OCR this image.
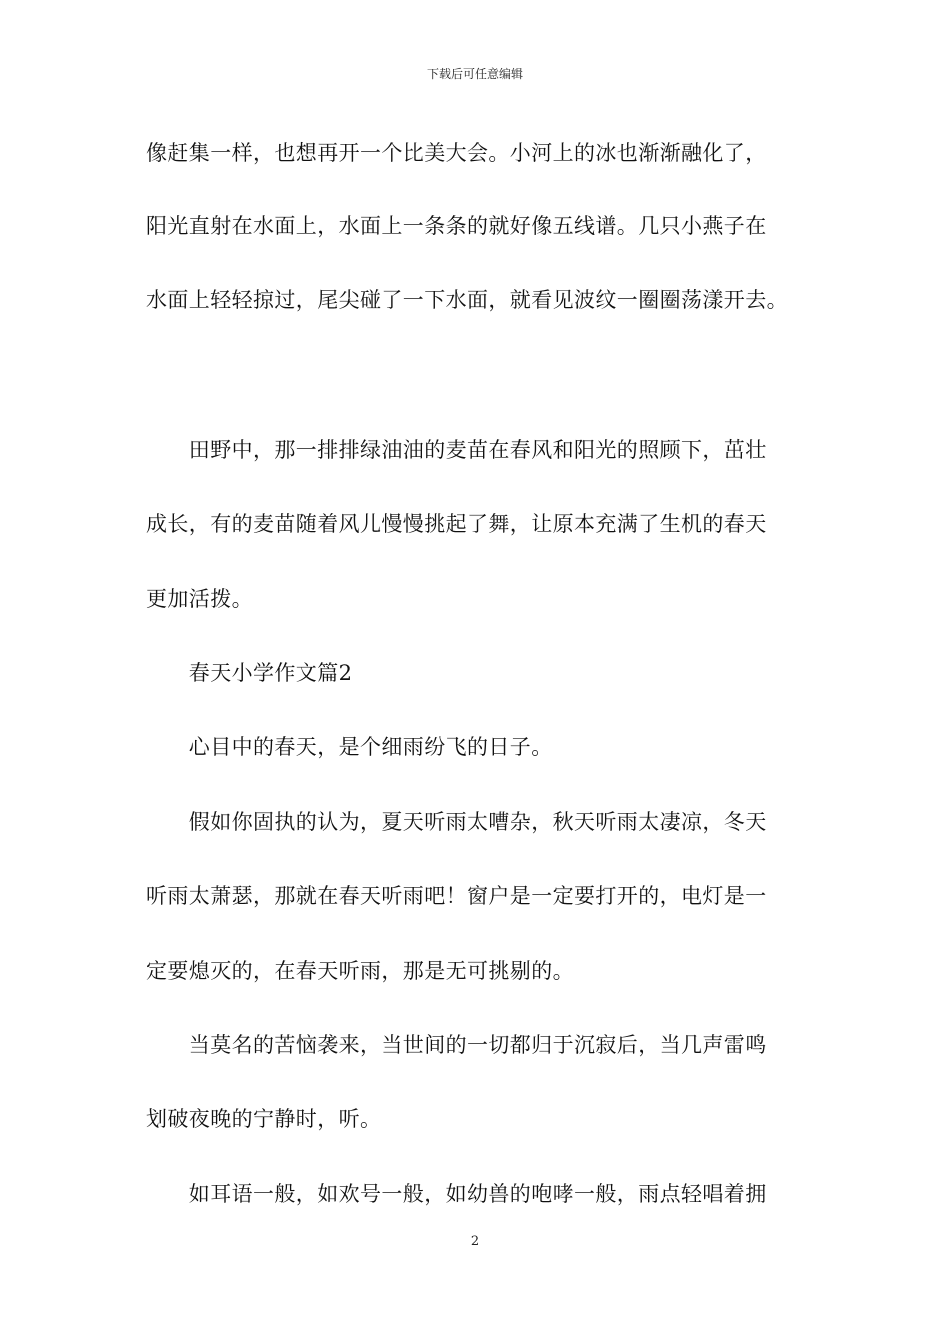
下载后可任意编辑

像赶集一样，也想再开一个比美大会。小河上的冰也渐渐融化了，

阳光直射在水面上，水面上一条条的就好像五线谱。几只小燕子在

水面上轻轻掠过，尾尖碰了一下水面，就看见波纹一圈圈荡漾开去。

　　田野中，那一排排绿油油的麦苗在春风和阳光的照顾下，茁壮

成长，有的麦苗随着风儿慢慢挑起了舞，让原本充满了生机的春天

更加活拨。

　　春天小学作文篇2

　　心目中的春天，是个细雨纷飞的日子。

　　假如你固执的认为，夏天听雨太嘈杂，秋天听雨太凄凉，冬天

听雨太萧瑟，那就在春天听雨吧！窗户是一定要打开的，电灯是一

定要熄灭的，在春天听雨，那是无可挑剔的。

　　当莫名的苦恼袭来，当世间的一切都归于沉寂后，当几声雷鸣

划破夜晚的宁静时，听。

　　如耳语一般，如欢号一般，如幼兽的咆哮一般，雨点轻唱着拥

2
